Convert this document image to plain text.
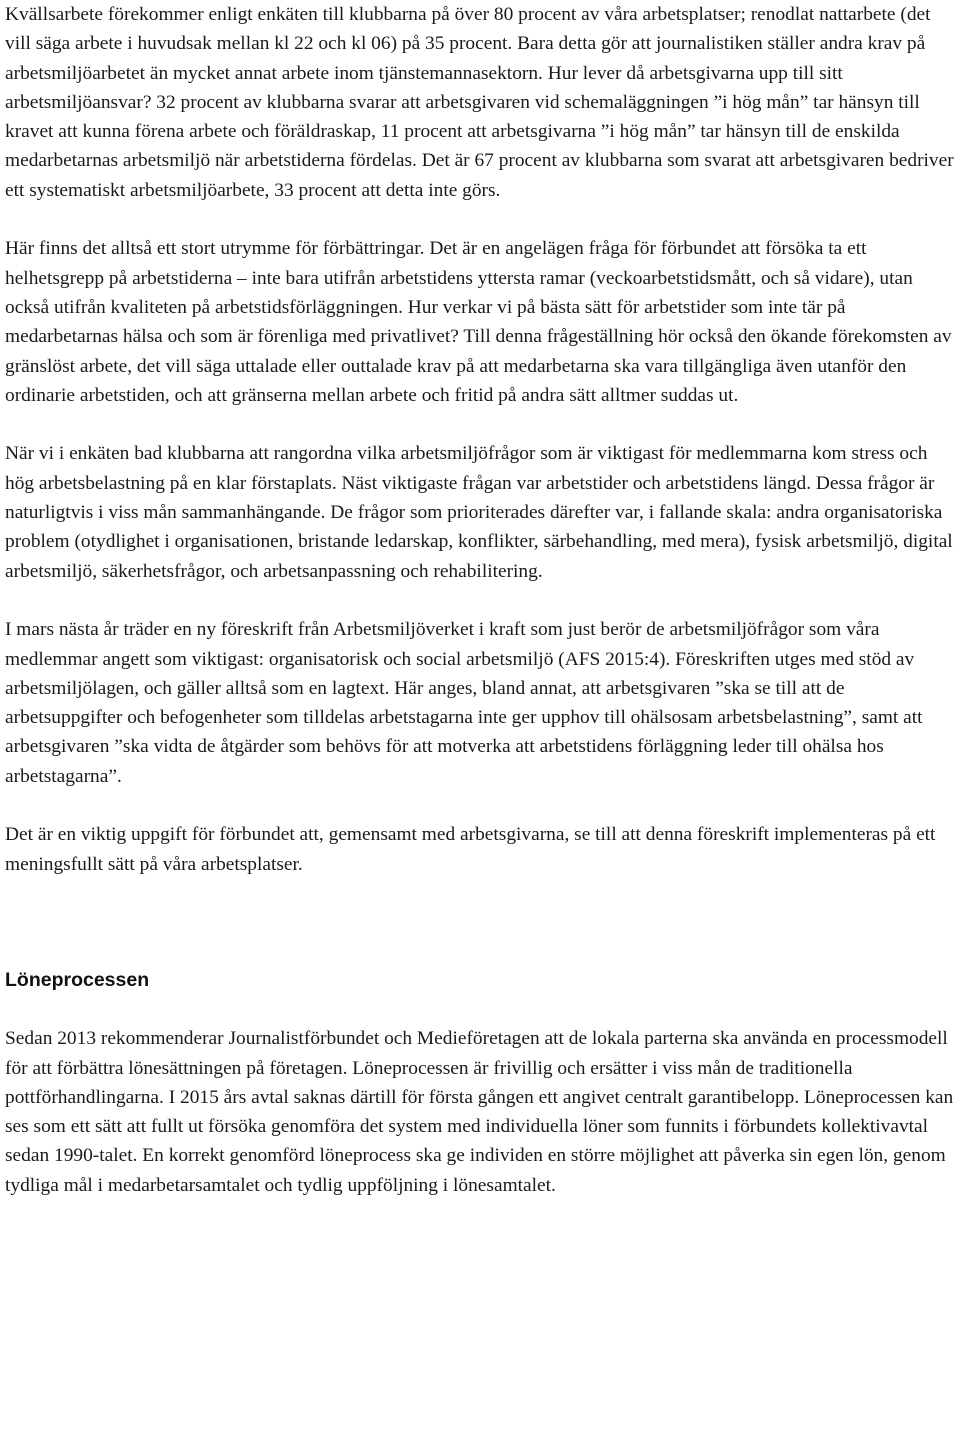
Kvällsarbete förekommer enligt enkäten till klubbarna på över 80 procent av våra arbetsplatser; renodlat nattarbete (det vill säga arbete i huvudsak mellan kl 22 och kl 06) på 35 procent. Bara detta gör att journalistiken ställer andra krav på arbetsmiljöarbetet än mycket annat arbete inom tjänstemannasektorn. Hur lever då arbetsgivarna upp till sitt arbetsmiljöansvar? 32 procent av klubbarna svarar att arbetsgivaren vid schemaläggningen ”i hög mån” tar hänsyn till kravet att kunna förena arbete och föräldraskap, 11 procent att arbetsgivarna ”i hög mån” tar hänsyn till de enskilda medarbetarnas arbetsmiljö när arbetstiderna fördelas. Det är 67 procent av klubbarna som svarat att arbetsgivaren bedriver ett systematiskt arbetsmiljöarbete, 33 procent att detta inte görs.

Här finns det alltså ett stort utrymme för förbättringar. Det är en angelägen fråga för förbundet att försöka ta ett helhetsgrepp på arbetstiderna – inte bara utifrån arbetstidens yttersta ramar (veckoarbetstidsmått, och så vidare), utan också utifrån kvaliteten på arbetstidsförläggningen. Hur verkar vi på bästa sätt för arbetstider som inte tär på medarbetarnas hälsa och som är förenliga med privatlivet? Till denna frågeställning hör också den ökande förekomsten av gränslöst arbete, det vill säga uttalade eller outtalade krav på att medarbetarna ska vara tillgängliga även utanför den ordinarie arbetstiden, och att gränserna mellan arbete och fritid på andra sätt alltmer suddas ut.

När vi i enkäten bad klubbarna att rangordna vilka arbetsmiljöfrågor som är viktigast för medlemmarna kom stress och hög arbetsbelastning på en klar förstaplats. Näst viktigaste frågan var arbetstider och arbetstidens längd. Dessa frågor är naturligtvis i viss mån sammanhängande. De frågor som prioriterades därefter var, i fallande skala: andra organisatoriska problem (otydlighet i organisationen, bristande ledarskap, konflikter, särbehandling, med mera), fysisk arbetsmiljö, digital arbetsmiljö, säkerhetsfrågor, och arbetsanpassning och rehabilitering.

I mars nästa år träder en ny föreskrift från Arbetsmiljöverket i kraft som just berör de arbetsmiljöfrågor som våra medlemmar angett som viktigast: organisatorisk och social arbetsmiljö (AFS 2015:4). Föreskriften utges med stöd av arbetsmiljölagen, och gäller alltså som en lagtext. Här anges, bland annat, att arbetsgivaren ”ska se till att de arbetsuppgifter och befogenheter som tilldelas arbetstagarna inte ger upphov till ohälsosam arbetsbelastning”, samt att arbetsgivaren ”ska vidta de åtgärder som behövs för att motverka att arbetstidens förläggning leder till ohälsa hos arbetstagarna”.

Det är en viktig uppgift för förbundet att, gemensamt med arbetsgivarna, se till att denna föreskrift implementeras på ett meningsfullt sätt på våra arbetsplatser.

Löneprocessen

Sedan 2013 rekommenderar Journalistförbundet och Medieföretagen att de lokala parterna ska använda en processmodell för att förbättra lönesättningen på företagen. Löneprocessen är frivillig och ersätter i viss mån de traditionella pottförhandlingarna. I 2015 års avtal saknas därtill för första gången ett angivet centralt garantibelopp. Löneprocessen kan ses som ett sätt att fullt ut försöka genomföra det system med individuella löner som funnits i förbundets kollektivavtal sedan 1990-talet. En korrekt genomförd löneprocess ska ge individen en större möjlighet att påverka sin egen lön, genom tydliga mål i medarbetarsamtalet och tydlig uppföljning i lönesamtalet.
